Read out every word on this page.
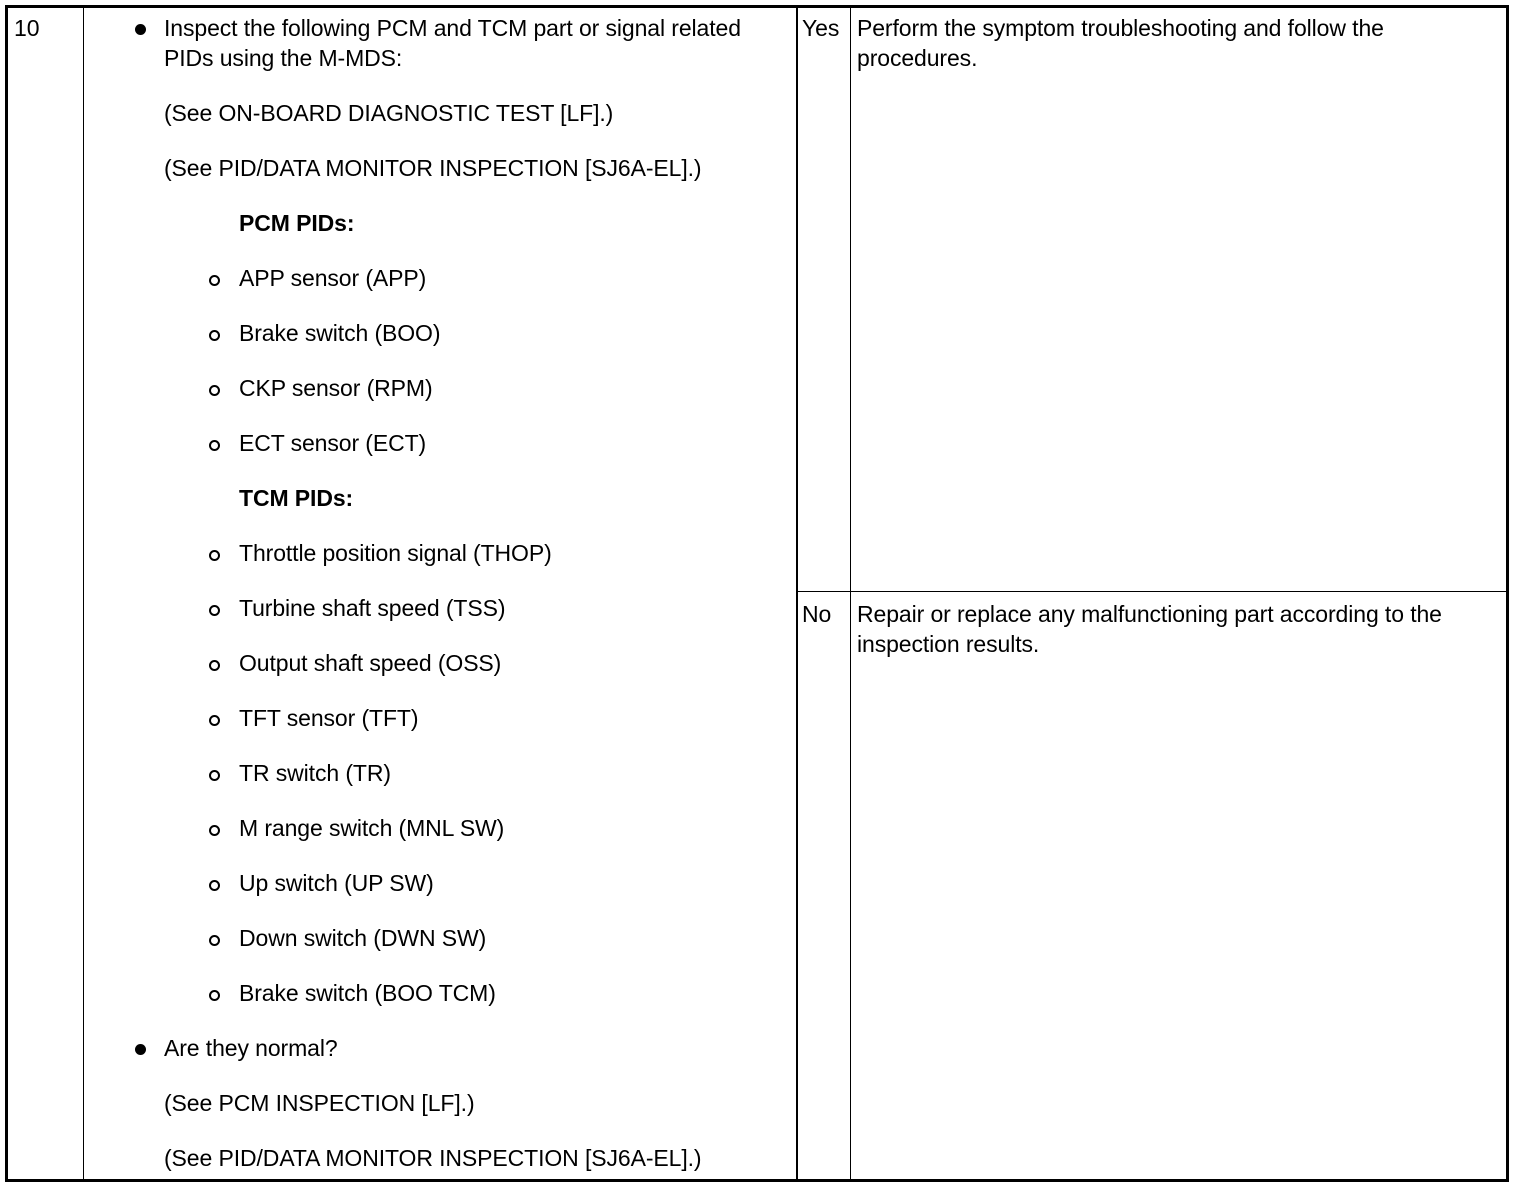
10	Inspect the following PCM and TCM part or signal related PIDs using the M-MDS:
(See ON-BOARD DIAGNOSTIC TEST [LF].)
(See PID/DATA MONITOR INSPECTION [SJ6A-EL].)
PCM PIDs:
APP sensor (APP)
Brake switch (BOO)
CKP sensor (RPM)
ECT sensor (ECT)
TCM PIDs:
Throttle position signal (THOP)
Turbine shaft speed (TSS)
Output shaft speed (OSS)
TFT sensor (TFT)
TR switch (TR)
M range switch (MNL SW)
Up switch (UP SW)
Down switch (DWN SW)
Brake switch (BOO TCM)
Are they normal?
(See PCM INSPECTION [LF].)
(See PID/DATA MONITOR INSPECTION [SJ6A-EL].)
Yes Perform the symptom troubleshooting and follow the procedures.
No Repair or replace any malfunctioning part according to the inspection results.
